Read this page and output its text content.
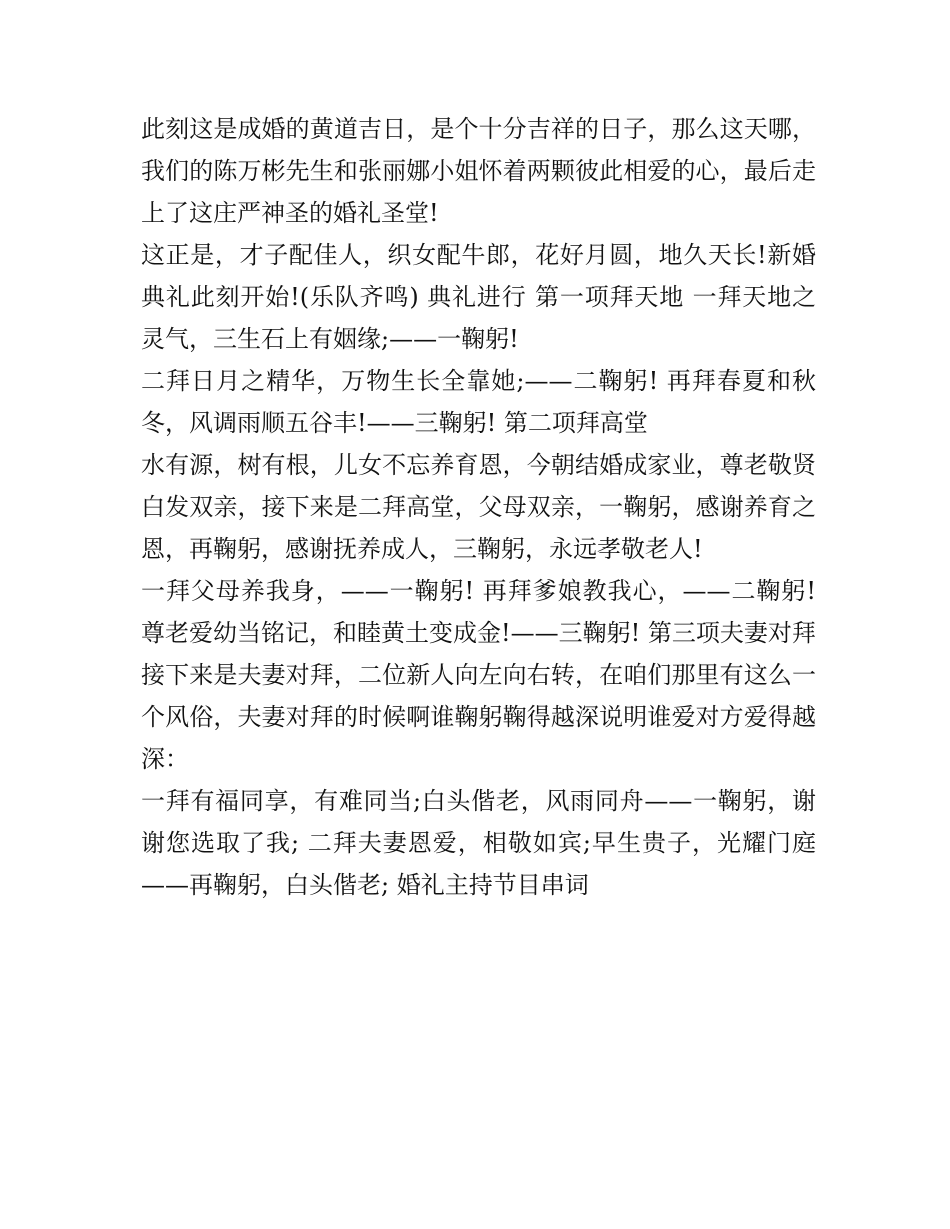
此刻这是成婚的黄道吉日，是个十分吉祥的日子，那么这天哪，我们的陈万彬先生和张丽娜小姐怀着两颗彼此相爱的心，最后走上了这庄严神圣的婚礼圣堂!

这正是，才子配佳人，织女配牛郎，花好月圆，地久天长!新婚典礼此刻开始!(乐队齐鸣) 典礼进行 第一项拜天地 一拜天地之灵气，三生石上有姻缘;——一鞠躬!

二拜日月之精华，万物生长全靠她;——二鞠躬! 再拜春夏和秋冬，风调雨顺五谷丰!——三鞠躬! 第二项拜高堂

水有源，树有根，儿女不忘养育恩，今朝结婚成家业，尊老敬贤白发双亲，接下来是二拜高堂，父母双亲，一鞠躬，感谢养育之恩，再鞠躬，感谢抚养成人，三鞠躬，永远孝敬老人!

一拜父母养我身，——一鞠躬! 再拜爹娘教我心，——二鞠躬! 尊老爱幼当铭记，和睦黄土变成金!——三鞠躬! 第三项夫妻对拜

接下来是夫妻对拜，二位新人向左向右转，在咱们那里有这么一个风俗，夫妻对拜的时候啊谁鞠躬鞠得越深说明谁爱对方爱得越深：

一拜有福同享，有难同当;白头偕老，风雨同舟——一鞠躬，谢谢您选取了我; 二拜夫妻恩爱，相敬如宾;早生贵子，光耀门庭——再鞠躬，白头偕老; 婚礼主持节目串词
